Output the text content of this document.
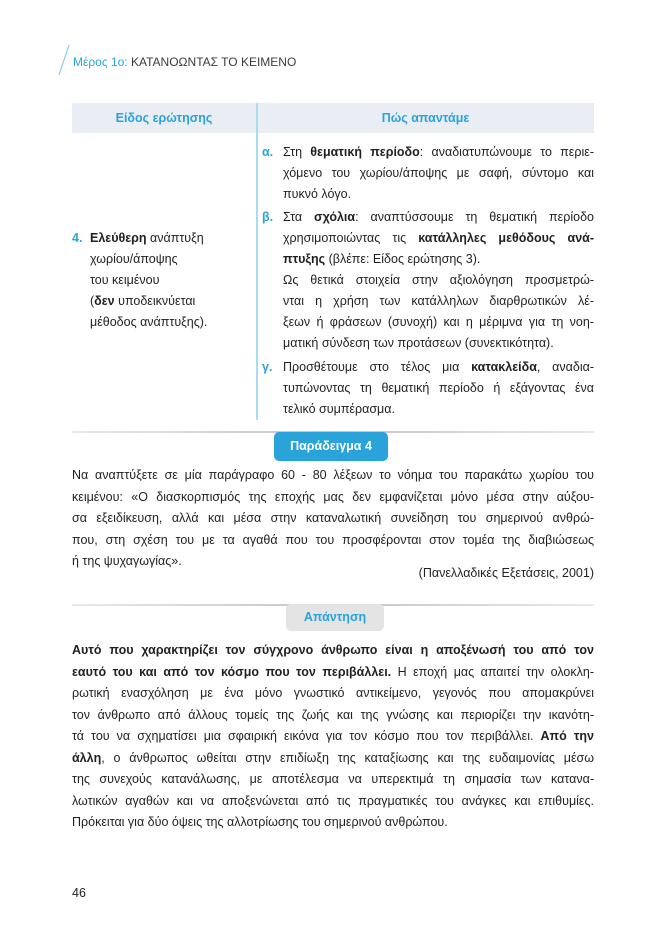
Μέρος 1ο: ΚΑΤΑΝΟΩΝΤΑΣ ΤΟ ΚΕΙΜΕΝΟ
Είδος ερώτησης	Πώς απαντάμε
4. Ελεύθερη ανάπτυξη
χωρίου/άποψης
του κειμένου
(δεν υποδεικνύεται
μέθοδος ανάπτυξης).
α. Στη θεματική περίοδο: αναδιατυπώνουμε το περιε-
χόμενο του χωρίου/άποψης με σαφή, σύντομο και
πυκνό λόγο.
β. Στα σχόλια: αναπτύσσουμε τη θεματική περίοδο
χρησιμοποιώντας τις κατάλληλες μεθόδους ανά-
πτυξης (βλέπε: Είδος ερώτησης 3).
Ως θετικά στοιχεία στην αξιολόγηση προσμετρώ-
νται η χρήση των κατάλληλων διαρθρωτικών λέ-
ξεων ή φράσεων (συνοχή) και η μέριμνα για τη νοη-
ματική σύνδεση των προτάσεων (συνεκτικότητα).
γ. Προσθέτουμε στο τέλος μια κατακλείδα, αναδια-
τυπώνοντας τη θεματική περίοδο ή εξάγοντας ένα
τελικό συμπέρασμα.
Παράδειγμα 4
Να αναπτύξετε σε μία παράγραφο 60 - 80 λέξεων το νόημα του παρακάτω χωρίου του
κειμένου: «Ο διασκορπισμός της εποχής μας δεν εμφανίζεται μόνο μέσα στην αύξου-
σα εξειδίκευση, αλλά και μέσα στην καταναλωτική συνείδηση του σημερινού ανθρώ-
που, στη σχέση του με τα αγαθά που του προσφέρονται στον τομέα της διαβιώσεως
ή της ψυχαγωγίας».
(Πανελλαδικές Εξετάσεις, 2001)
Απάντηση
Αυτό που χαρακτηρίζει τον σύγχρονο άνθρωπο είναι η αποξένωσή του από τον
εαυτό του και από τον κόσμο που τον περιβάλλει. Η εποχή μας απαιτεί την ολοκλη-
ρωτική ενασχόληση με ένα μόνο γνωστικό αντικείμενο, γεγονός που απομακρύνει
τον άνθρωπο από άλλους τομείς της ζωής και της γνώσης και περιορίζει την ικανότη-
τά του να σχηματίσει μια σφαιρική εικόνα για τον κόσμο που τον περιβάλλει. Από την
άλλη, ο άνθρωπος ωθείται στην επιδίωξη της καταξίωσης και της ευδαιμονίας μέσω
της συνεχούς κατανάλωσης, με αποτέλεσμα να υπερεκτιμά τη σημασία των κατανα-
λωτικών αγαθών και να αποξενώνεται από τις πραγματικές του ανάγκες και επιθυμίες.
Πρόκειται για δύο όψεις της αλλοτρίωσης του σημερινού ανθρώπου.
46
